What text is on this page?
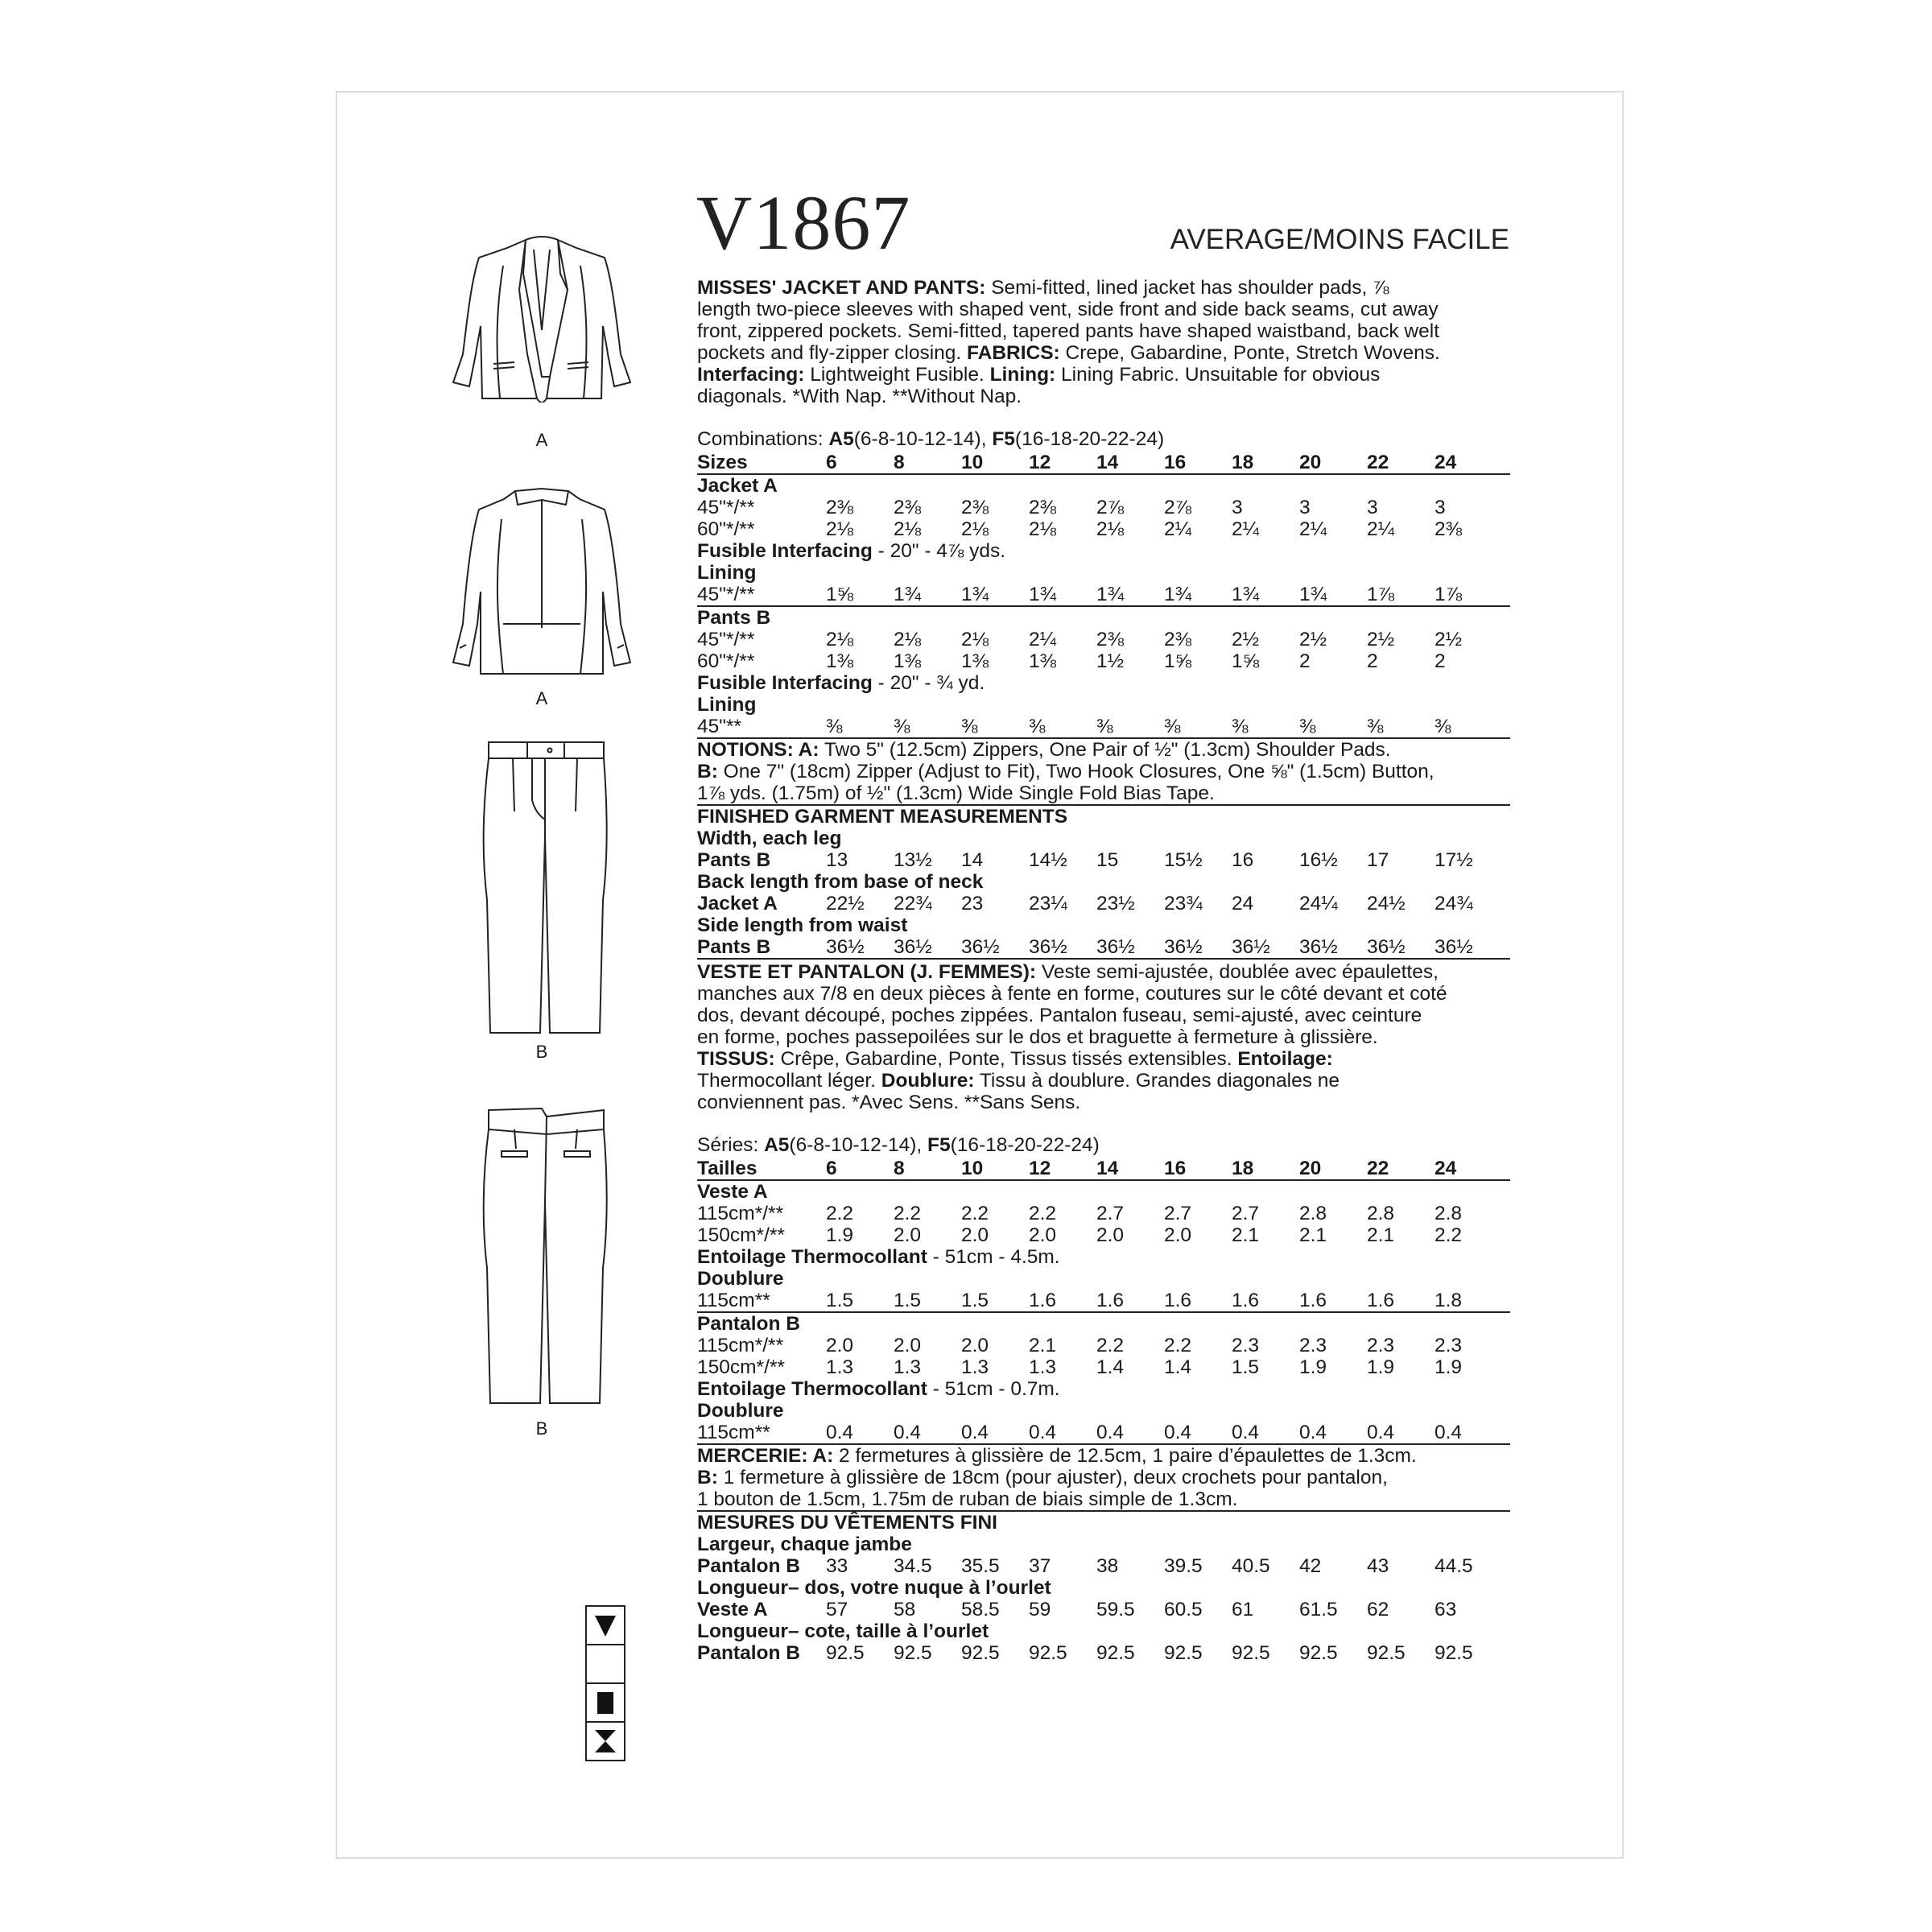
V1867	AVERAGE/MOINS FACILE
A
A
B
B
MISSES' JACKET AND PANTS: Semi-fitted, lined jacket has shoulder pads, ⅞
length two-piece sleeves with shaped vent, side front and side back seams, cut away
front, zippered pockets. Semi-fitted, tapered pants have shaped waistband, back welt
pockets and fly-zipper closing. FABRICS: Crepe, Gabardine, Ponte, Stretch Wovens.
Interfacing: Lightweight Fusible. Lining: Lining Fabric. Unsuitable for obvious
diagonals. *With Nap. **Without Nap.
Combinations: A5(6-8-10-12-14), F5(16-18-20-22-24)
Sizes	6	8	10	12	14	16	18	20	22	24
Jacket A
45"*/**	2⅜	2⅜	2⅜	2⅜	2⅞	2⅞	3	3	3	3
60"*/**	2⅛	2⅛	2⅛	2⅛	2⅛	2¼	2¼	2¼	2¼	2⅜
Fusible Interfacing - 20" - 4⅞ yds.
Lining
45"*/**	1⅝	1¾	1¾	1¾	1¾	1¾	1¾	1¾	1⅞	1⅞
Pants B
45"*/**	2⅛	2⅛	2⅛	2¼	2⅜	2⅜	2½	2½	2½	2½
60"*/**	1⅜	1⅜	1⅜	1⅜	1½	1⅝	1⅝	2	2	2
Fusible Interfacing - 20" - ¾ yd.
Lining
45"**	⅜	⅜	⅜	⅜	⅜	⅜	⅜	⅜	⅜	⅜
NOTIONS: A: Two 5" (12.5cm) Zippers, One Pair of ½" (1.3cm) Shoulder Pads.
B: One 7" (18cm) Zipper (Adjust to Fit), Two Hook Closures, One ⅝" (1.5cm) Button,
1⅞ yds. (1.75m) of ½" (1.3cm) Wide Single Fold Bias Tape.
FINISHED GARMENT MEASUREMENTS
Width, each leg
Pants B	13	13½	14	14½	15	15½	16	16½	17	17½
Back length from base of neck
Jacket A	22½	22¾	23	23¼	23½	23¾	24	24¼	24½	24¾
Side length from waist
Pants B	36½	36½	36½	36½	36½	36½	36½	36½	36½	36½
VESTE ET PANTALON (J. FEMMES): Veste semi-ajustée, doublée avec épaulettes,
manches aux 7/8 en deux pièces à fente en forme, coutures sur le côté devant et coté
dos, devant découpé, poches zippées. Pantalon fuseau, semi-ajusté, avec ceinture
en forme, poches passepoilées sur le dos et braguette à fermeture à glissière.
TISSUS: Crêpe, Gabardine, Ponte, Tissus tissés extensibles. Entoilage:
Thermocollant léger. Doublure: Tissu à doublure. Grandes diagonales ne
conviennent pas. *Avec Sens. **Sans Sens.
Séries: A5(6-8-10-12-14), F5(16-18-20-22-24)
Tailles	6	8	10	12	14	16	18	20	22	24
Veste A
115cm*/**	2.2	2.2	2.2	2.2	2.7	2.7	2.7	2.8	2.8	2.8
150cm*/**	1.9	2.0	2.0	2.0	2.0	2.0	2.1	2.1	2.1	2.2
Entoilage Thermocollant - 51cm - 4.5m.
Doublure
115cm**	1.5	1.5	1.5	1.6	1.6	1.6	1.6	1.6	1.6	1.8
Pantalon B
115cm*/**	2.0	2.0	2.0	2.1	2.2	2.2	2.3	2.3	2.3	2.3
150cm*/**	1.3	1.3	1.3	1.3	1.4	1.4	1.5	1.9	1.9	1.9
Entoilage Thermocollant - 51cm - 0.7m.
Doublure
115cm**	0.4	0.4	0.4	0.4	0.4	0.4	0.4	0.4	0.4	0.4
MERCERIE: A: 2 fermetures à glissière de 12.5cm, 1 paire d’épaulettes de 1.3cm.
B: 1 fermeture à glissière de 18cm (pour ajuster), deux crochets pour pantalon,
1 bouton de 1.5cm, 1.75m de ruban de biais simple de 1.3cm.
MESURES DU VÊTEMENTS FINI
Largeur, chaque jambe
Pantalon B	33	34.5	35.5	37	38	39.5	40.5	42	43	44.5
Longueur– dos, votre nuque à l’ourlet
Veste A	57	58	58.5	59	59.5	60.5	61	61.5	62	63
Longueur– cote, taille à l’ourlet
Pantalon B	92.5	92.5	92.5	92.5	92.5	92.5	92.5	92.5	92.5	92.5
